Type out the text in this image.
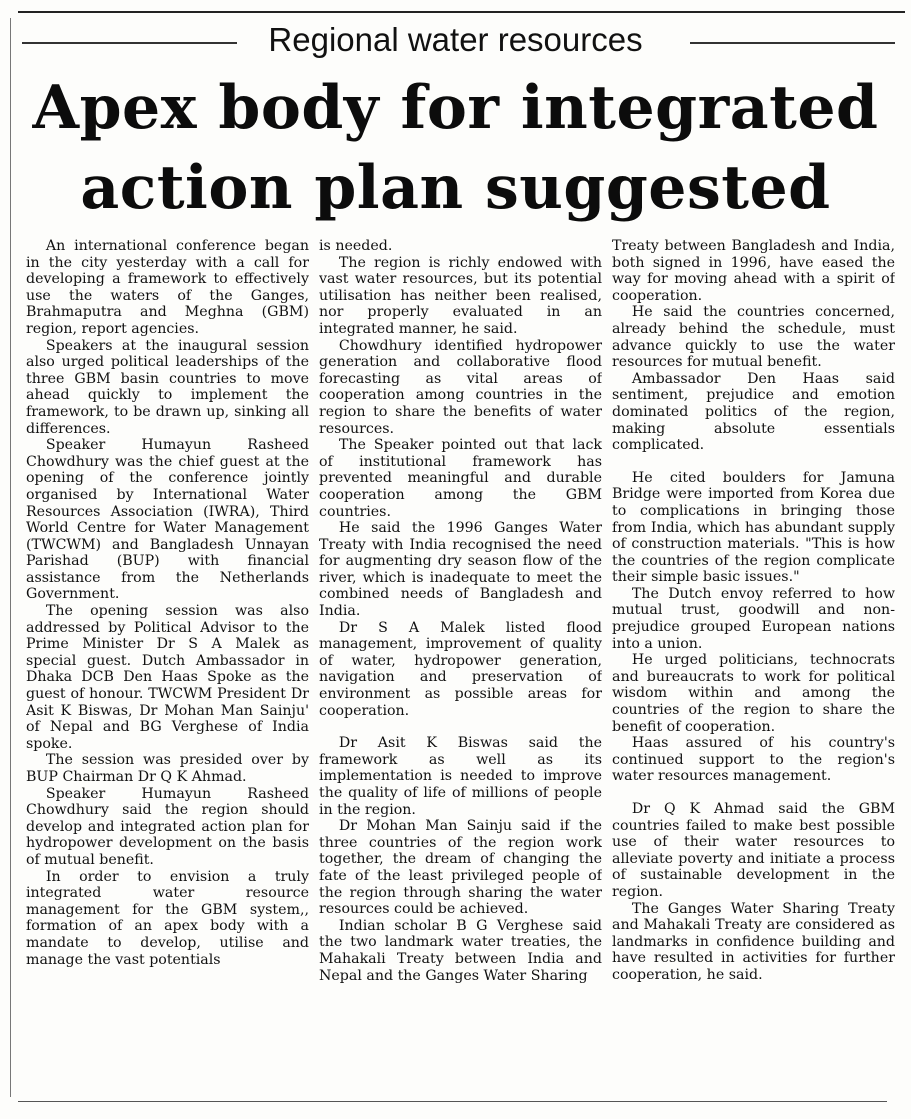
Regional water resources
Apex body for integrated
action plan suggested

An international conference began in the city yesterday with a call for developing a framework to effectively use the waters of the Ganges, Brahmaputra and Meghna (GBM) region, report agencies.

Speakers at the inaugural session also urged political leaderships of the three GBM basin countries to move ahead quickly to implement the framework, to be drawn up, sinking all differences.

Speaker Humayun Rasheed Chowdhury was the chief guest at the opening of the conference jointly organised by International Water Resources Association (IWRA), Third World Centre for Water Management (TWCWM) and Bangladesh Unnayan Parishad (BUP) with financial assistance from the Netherlands Government.

The opening session was also addressed by Political Advisor to the Prime Minister Dr S A Malek as special guest. Dutch Ambassador in Dhaka DCB Den Haas Spoke as the guest of honour. TWCWM President Dr Asit K Biswas, Dr Mohan Man Sainju' of Nepal and BG Verghese of India spoke.

The session was presided over by BUP Chairman Dr Q K Ahmad.

Speaker Humayun Rasheed Chowdhury said the region should develop and integrated action plan for hydropower development on the basis of mutual benefit.

In order to envision a truly integrated water resource management for the GBM system,, formation of an apex body with a mandate to develop, utilise and manage the vast potentials

is needed.

The region is richly endowed with vast water resources, but its potential utilisation has neither been realised, nor properly evaluated in an integrated manner, he said.

Chowdhury identified hydropower generation and collaborative flood forecasting as vital areas of cooperation among countries in the region to share the benefits of water resources.

The Speaker pointed out that lack of institutional framework has prevented meaningful and durable cooperation among the GBM countries.

He said the 1996 Ganges Water Treaty with India recognised the need for augmenting dry season flow of the river, which is inadequate to meet the combined needs of Bangladesh and India.

Dr S A Malek listed flood management, improvement of quality of water, hydropower generation, navigation and preservation of environment as possible areas for cooperation.

Dr Asit K Biswas said the framework as well as its implementation is needed to improve the quality of life of millions of people in the region.

Dr Mohan Man Sainju said if the three countries of the region work together, the dream of changing the fate of the least privileged people of the region through sharing the water resources could be achieved.

Indian scholar B G Verghese said the two landmark water treaties, the Mahakali Treaty between India and Nepal and the Ganges Water Sharing

Treaty between Bangladesh and India, both signed in 1996, have eased the way for moving ahead with a spirit of cooperation.

He said the countries concerned, already behind the schedule, must advance quickly to use the water resources for mutual benefit.

Ambassador Den Haas said sentiment, prejudice and emotion dominated politics of the region, making absolute essentials complicated.

He cited boulders for Jamuna Bridge were imported from Korea due to complications in bringing those from India, which has abundant supply of construction materials. "This is how the countries of the region complicate their simple basic issues."

The Dutch envoy referred to how mutual trust, goodwill and non-prejudice grouped European nations into a union.

He urged politicians, technocrats and bureaucrats to work for political wisdom within and among the countries of the region to share the benefit of cooperation.

Haas assured of his country's continued support to the region's water resources management.

Dr Q K Ahmad said the GBM countries failed to make best possible use of their water resources to alleviate poverty and initiate a process of sustainable development in the region.

The Ganges Water Sharing Treaty and Mahakali Treaty are considered as landmarks in confidence building and have resulted in activities for further cooperation, he said.
